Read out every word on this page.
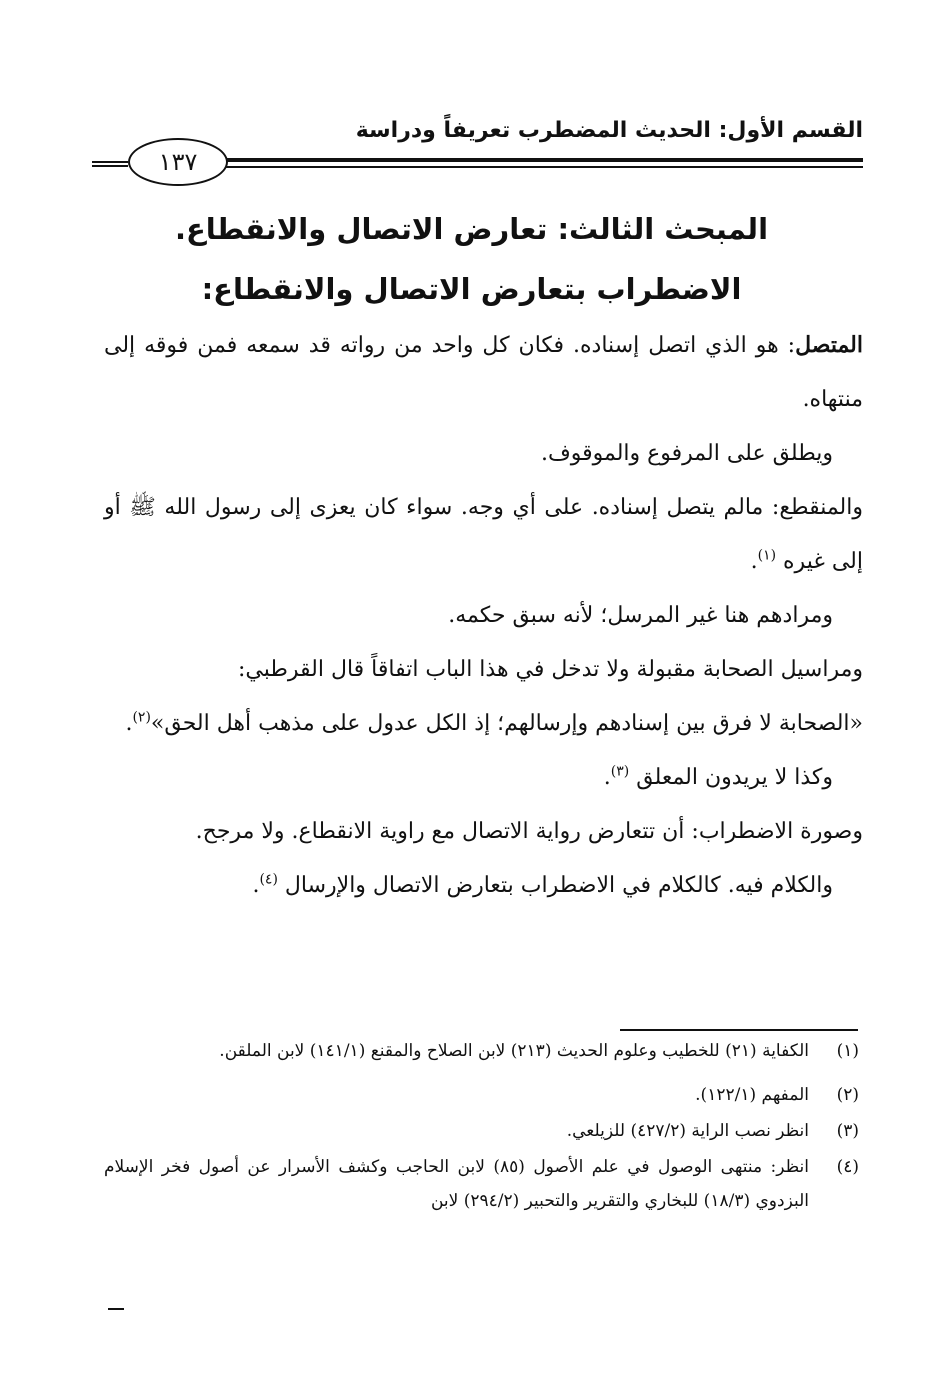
القسم الأول: الحديث المضطرب تعريفاً ودراسة
١٣٧
المبحث الثالث: تعارض الاتصال والانقطاع.
الاضطراب بتعارض الاتصال والانقطاع:

المتصل: هو الذي اتصل إسناده. فكان كل واحد من رواته قد سمعه فمن فوقه إلى منتهاه.

ويطلق على المرفوع والموقوف.

والمنقطع: مالم يتصل إسناده. على أي وجه. سواء كان يعزى إلى رسول الله ﷺ أو إلى غيره $^{(١)}$.

ومرادهم هنا غير المرسل؛ لأنه سبق حكمه.

ومراسيل الصحابة مقبولة ولا تدخل في هذا الباب اتفاقاً قال القرطبي:

«الصحابة لا فرق بين إسنادهم وإرسالهم؛ إذ الكل عدول على مذهب أهل الحق»$^{(٢)}$.

وكذا لا يريدون المعلق $^{(٣)}$.

وصورة الاضطراب: أن تتعارض رواية الاتصال مع راوية الانقطاع. ولا مرجح.

والكلام فيه. كالكلام في الاضطراب بتعارض الاتصال والإرسال $^{(٤)}$.

(١)
الكفاية (٢١) للخطيب وعلوم الحديث (٢١٣) لابن الصلاح والمقنع (١٤١/١) لابن الملقن.
(٢)
المفهم (١٢٢/١).
(٣)
انظر نصب الراية (٤٢٧/٢) للزيلعي.
(٤)
انظر: منتهى الوصول في علم الأصول (٨٥) لابن الحاجب وكشف الأسرار عن أصول فخر الإسلام البزدوي (١٨/٣) للبخاري والتقرير والتحبير (٢٩٤/٢) لابن
